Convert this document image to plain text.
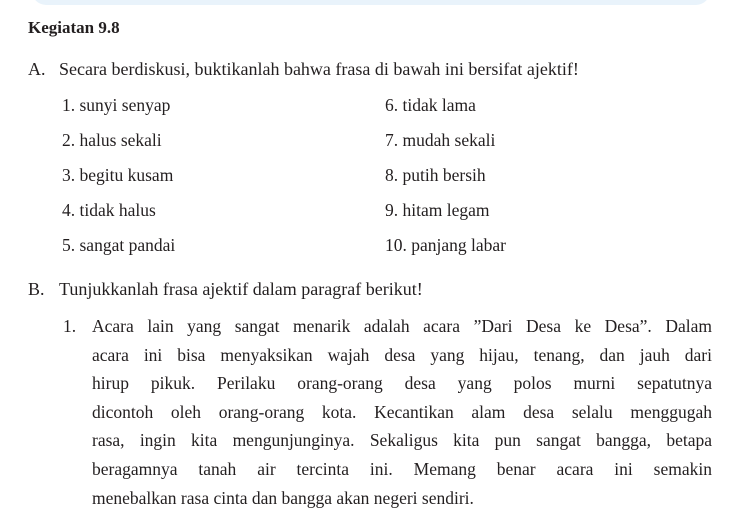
Kegiatan 9.8
A. Secara berdiskusi, buktikanlah bahwa frasa di bawah ini bersifat ajektif!
1. sunyi senyap
2. halus sekali
3. begitu kusam
4. tidak halus
5. sangat pandai
6. tidak lama
7. mudah sekali
8. putih bersih
9. hitam legam
10. panjang labar
B. Tunjukkanlah frasa ajektif dalam paragraf berikut!
1. Acara lain yang sangat menarik adalah acara ”Dari Desa ke Desa”. Dalam
acara ini bisa menyaksikan wajah desa yang hijau, tenang, dan jauh dari
hirup pikuk. Perilaku orang-orang desa yang polos murni sepatutnya
dicontoh oleh orang-orang kota. Kecantikan alam desa selalu menggugah
rasa, ingin kita mengunjunginya. Sekaligus kita pun sangat bangga, betapa
beragamnya tanah air tercinta ini. Memang benar acara ini semakin
menebalkan rasa cinta dan bangga akan negeri sendiri.
